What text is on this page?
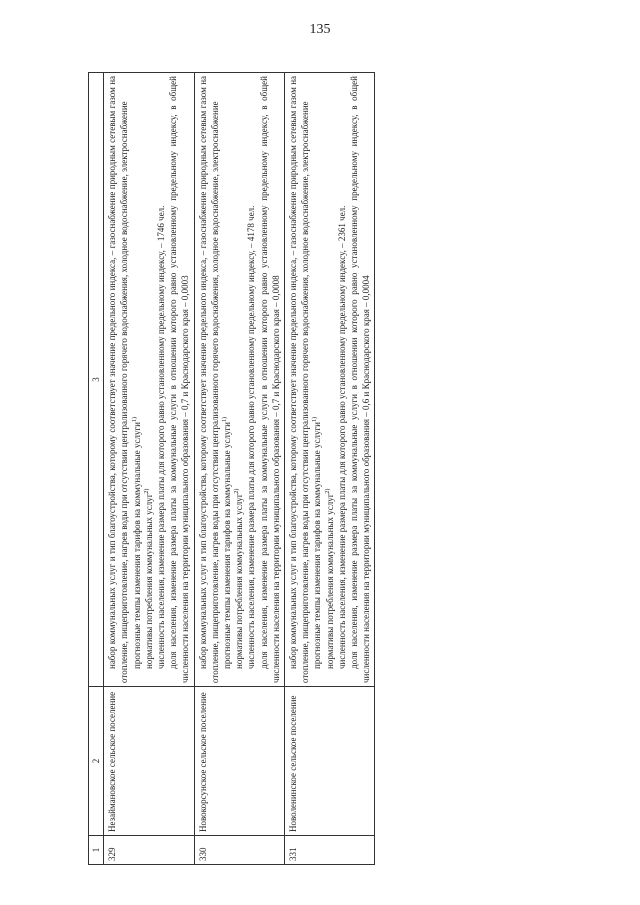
135
1	2	3
329	Незаймановское сельское поселение	набор коммунальных услуг и тип благоустройства, которому соответствует значение предельного индекса, – газоснабжение природным сетевым газом на отопление, пищеприготовление, нагрев воды при отсутствии централизованного горячего водоснабжения, холодное водоснабжение, электроснабжение прогнозные темпы изменения тарифов на коммунальные услуги$^{1)}$
нормативы потребления коммунальных услуг$^{2)}$ численность населения, изменение размера платы для которого равно установленному предельному индексу, – 1746 чел. доля населения, изменение размера платы за коммунальные услуги в отношении которого равно установленному предельному индексу, в общей численности населения на территории муниципального образования – 0,7 и Краснодарского края – 0,0003

330	Новокорсунское сельское поселение	набор коммунальных услуг и тип благоустройства, которому соответствует значение предельного индекса, – газоснабжение природным сетевым газом на отопление, пищеприготовление, нагрев воды при отсутствии централизованного горячего водоснабжения, холодное водоснабжение, электроснабжение прогнозные темпы изменения тарифов на коммунальные услуги$^{1)}$
нормативы потребления коммунальных услуг$^{2)}$ численность населения, изменение размера платы для которого равно установленному предельному индексу, – 4178 чел. доля населения, изменение размера платы за коммунальные услуги в отношении которого равно установленному предельному индексу, в общей численности населения на территории муниципального образования – 0,7 и Краснодарского края – 0,0008

331	Новоленинское сельское поселение	набор коммунальных услуг и тип благоустройства, которому соответствует значение предельного индекса, – газоснабжение природным сетевым газом на отопление, пищеприготовление, нагрев воды при отсутствии централизованного горячего водоснабжения, холодное водоснабжение, электроснабжение прогнозные темпы изменения тарифов на коммунальные услуги$^{1)}$
нормативы потребления коммунальных услуг$^{2)}$ численность населения, изменение размера платы для которого равно установленному предельному индексу, – 2361 чел. доля населения, изменение размера платы за коммунальные услуги в отношении которого равно установленному предельному индексу, в общей численности населения на территории муниципального образования – 0,6 и Краснодарского края – 0,0004
